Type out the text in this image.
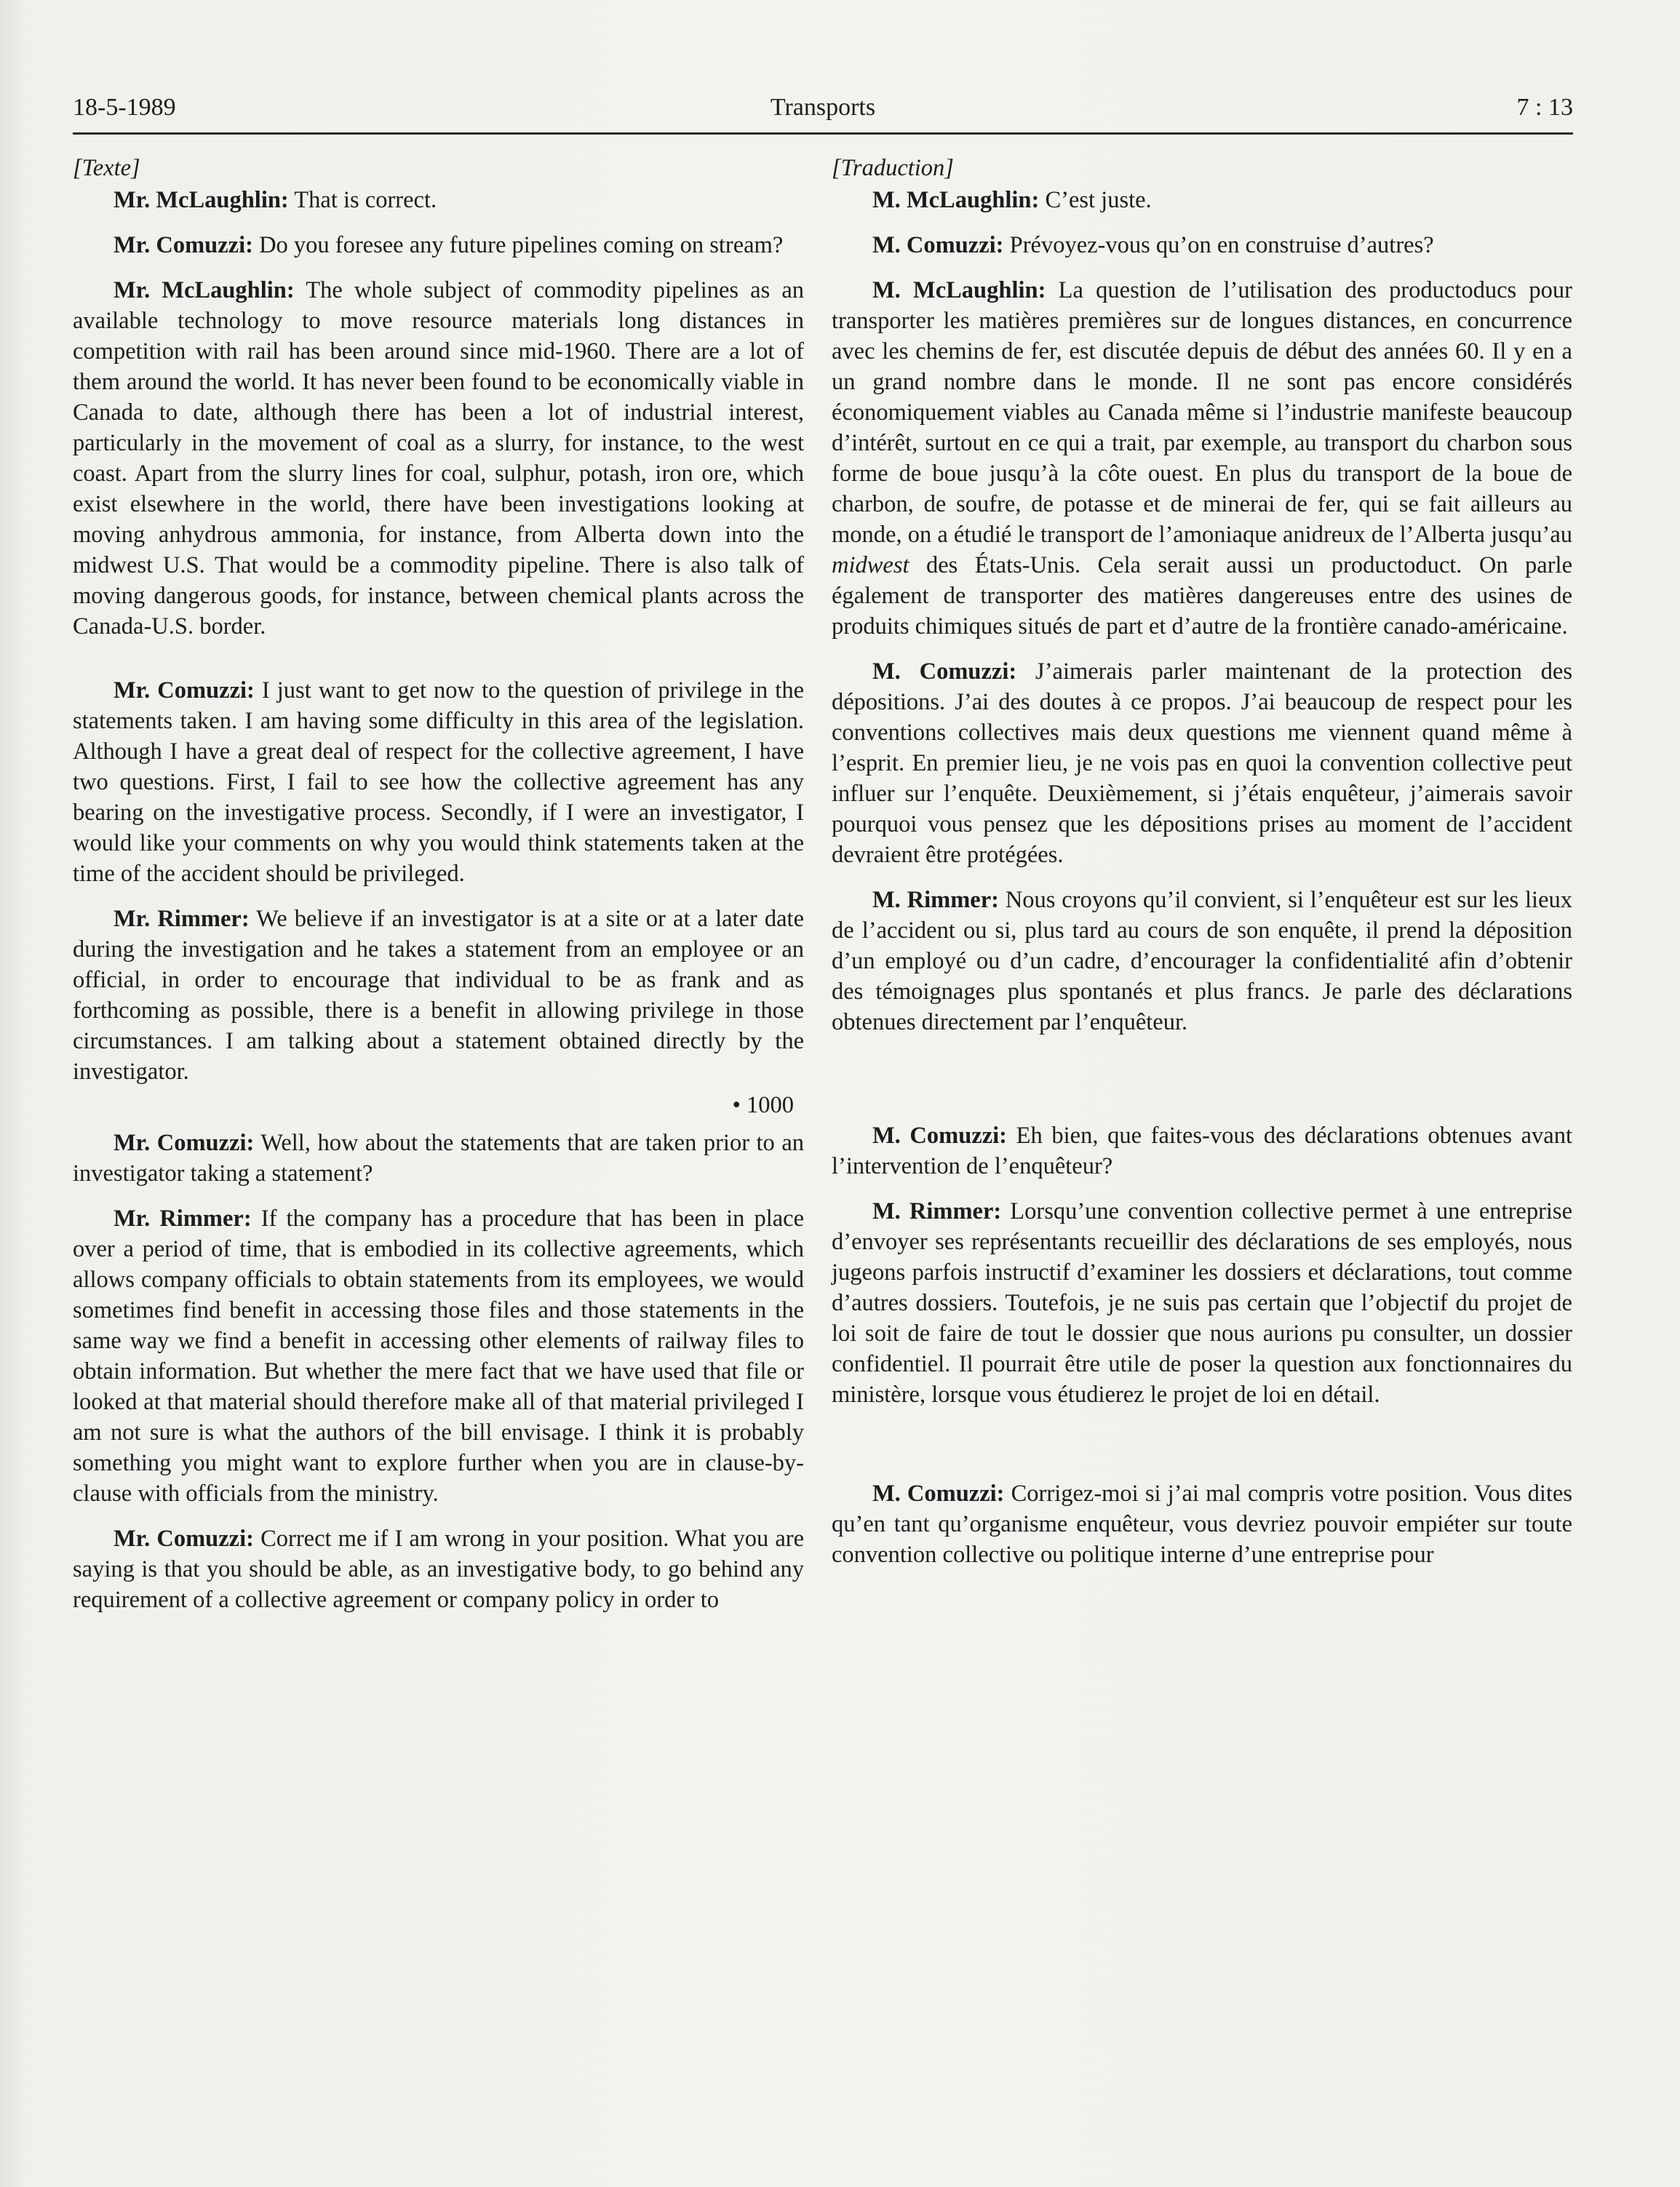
18-5-1989	Transports	7 : 13
[Texte]

Mr. McLaughlin: That is correct.

Mr. Comuzzi: Do you foresee any future pipelines coming on stream?

Mr. McLaughlin: The whole subject of commodity pipelines as an available technology to move resource materials long distances in competition with rail has been around since mid-1960. There are a lot of them around the world. It has never been found to be economically viable in Canada to date, although there has been a lot of industrial interest, particularly in the movement of coal as a slurry, for instance, to the west coast. Apart from the slurry lines for coal, sulphur, potash, iron ore, which exist elsewhere in the world, there have been investigations looking at moving anhydrous ammonia, for instance, from Alberta down into the midwest U.S. That would be a commodity pipeline. There is also talk of moving dangerous goods, for instance, between chemical plants across the Canada-U.S. border.

Mr. Comuzzi: I just want to get now to the question of privilege in the statements taken. I am having some difficulty in this area of the legislation. Although I have a great deal of respect for the collective agreement, I have two questions. First, I fail to see how the collective agreement has any bearing on the investigative process. Secondly, if I were an investigator, I would like your comments on why you would think statements taken at the time of the accident should be privileged.

Mr. Rimmer: We believe if an investigator is at a site or at a later date during the investigation and he takes a statement from an employee or an official, in order to encourage that individual to be as frank and as forthcoming as possible, there is a benefit in allowing privilege in those circumstances. I am talking about a statement obtained directly by the investigator.

• 1000

Mr. Comuzzi: Well, how about the statements that are taken prior to an investigator taking a statement?

Mr. Rimmer: If the company has a procedure that has been in place over a period of time, that is embodied in its collective agreements, which allows company officials to obtain statements from its employees, we would sometimes find benefit in accessing those files and those statements in the same way we find a benefit in accessing other elements of railway files to obtain information. But whether the mere fact that we have used that file or looked at that material should therefore make all of that material privileged I am not sure is what the authors of the bill envisage. I think it is probably something you might want to explore further when you are in clause-by-clause with officials from the ministry.

Mr. Comuzzi: Correct me if I am wrong in your position. What you are saying is that you should be able, as an investigative body, to go behind any requirement of a collective agreement or company policy in order to

[Traduction]

M. McLaughlin: C’est juste.

M. Comuzzi: Prévoyez-vous qu’on en construise d’autres?

M. McLaughlin: La question de l’utilisation des productoducs pour transporter les matières premières sur de longues distances, en concurrence avec les chemins de fer, est discutée depuis de début des années 60. Il y en a un grand nombre dans le monde. Il ne sont pas encore considérés économiquement viables au Canada même si l’industrie manifeste beaucoup d’intérêt, surtout en ce qui a trait, par exemple, au transport du charbon sous forme de boue jusqu’à la côte ouest. En plus du transport de la boue de charbon, de soufre, de potasse et de minerai de fer, qui se fait ailleurs au monde, on a étudié le transport de l’amoniaque anidreux de l’Alberta jusqu’au midwest des États-Unis. Cela serait aussi un productoduct. On parle également de transporter des matières dangereuses entre des usines de produits chimiques situés de part et d’autre de la frontière canado-américaine.

M. Comuzzi: J’aimerais parler maintenant de la protection des dépositions. J’ai des doutes à ce propos. J’ai beaucoup de respect pour les conventions collectives mais deux questions me viennent quand même à l’esprit. En premier lieu, je ne vois pas en quoi la convention collective peut influer sur l’enquête. Deuxièmement, si j’étais enquêteur, j’aimerais savoir pourquoi vous pensez que les dépositions prises au moment de l’accident devraient être protégées.

M. Rimmer: Nous croyons qu’il convient, si l’enquêteur est sur les lieux de l’accident ou si, plus tard au cours de son enquête, il prend la déposition d’un employé ou d’un cadre, d’encourager la confidentialité afin d’obtenir des témoignages plus spontanés et plus francs. Je parle des déclarations obtenues directement par l’enquêteur.

M. Comuzzi: Eh bien, que faites-vous des déclarations obtenues avant l’intervention de l’enquêteur?

M. Rimmer: Lorsqu’une convention collective permet à une entreprise d’envoyer ses représentants recueillir des déclarations de ses employés, nous jugeons parfois instructif d’examiner les dossiers et déclarations, tout comme d’autres dossiers. Toutefois, je ne suis pas certain que l’objectif du projet de loi soit de faire de tout le dossier que nous aurions pu consulter, un dossier confidentiel. Il pourrait être utile de poser la question aux fonctionnaires du ministère, lorsque vous étudierez le projet de loi en détail.

M. Comuzzi: Corrigez-moi si j’ai mal compris votre position. Vous dites qu’en tant qu’organisme enquêteur, vous devriez pouvoir empiéter sur toute convention collective ou politique interne d’une entreprise pour
